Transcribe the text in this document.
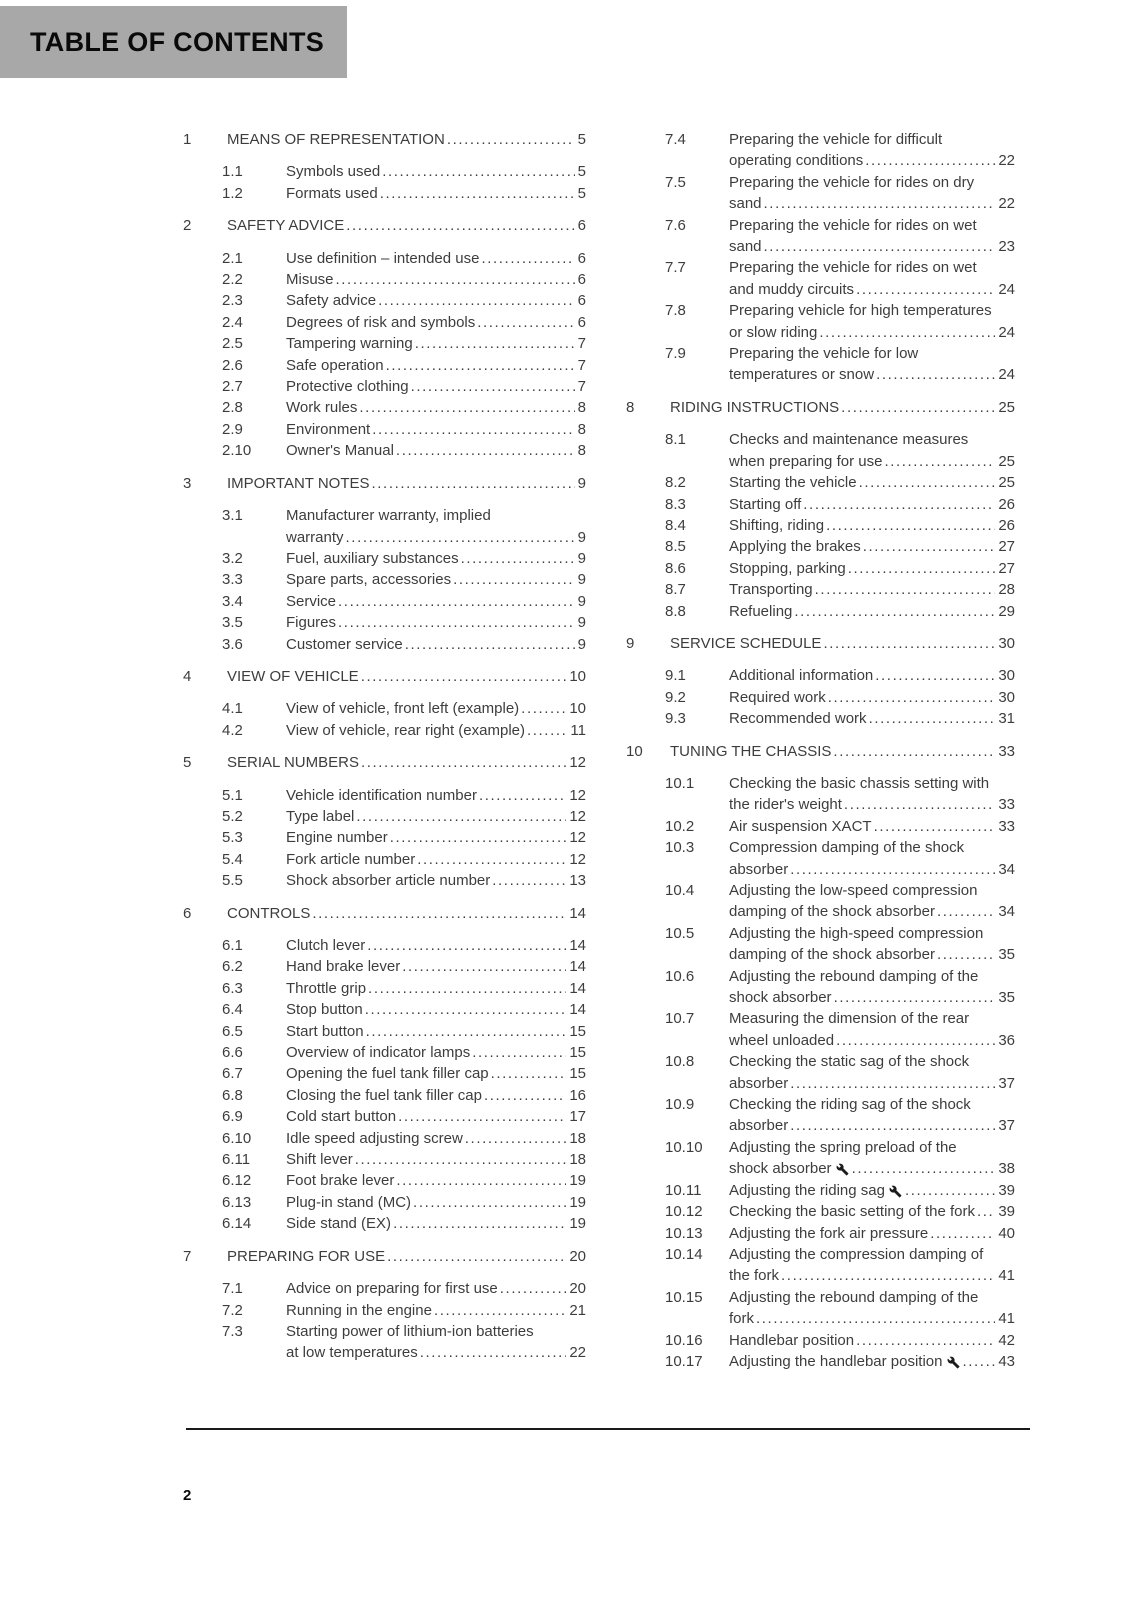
TABLE OF CONTENTS
1	MEANS OF REPRESENTATION .....	5
1.1	Symbols used .....	5
1.2	Formats used .....	5
2	SAFETY ADVICE .....	6
2.1	Use definition – intended use .....	6
2.2	Misuse .....	6
2.3	Safety advice .....	6
2.4	Degrees of risk and symbols .....	6
2.5	Tampering warning .....	7
2.6	Safe operation .....	7
2.7	Protective clothing .....	7
2.8	Work rules .....	8
2.9	Environment .....	8
2.10	Owner's Manual .....	8
3	IMPORTANT NOTES .....	9
3.1	Manufacturer warranty, implied
warranty .....	9
3.2	Fuel, auxiliary substances .....	9
3.3	Spare parts, accessories .....	9
3.4	Service .....	9
3.5	Figures .....	9
3.6	Customer service .....	9
4	VIEW OF VEHICLE .....	10
4.1	View of vehicle, front left (example) .....	10
4.2	View of vehicle, rear right (example) .....	11
5	SERIAL NUMBERS .....	12
5.1	Vehicle identification number .....	12
5.2	Type label .....	12
5.3	Engine number .....	12
5.4	Fork article number .....	12
5.5	Shock absorber article number .....	13
6	CONTROLS .....	14
6.1	Clutch lever .....	14
6.2	Hand brake lever .....	14
6.3	Throttle grip .....	14
6.4	Stop button .....	14
6.5	Start button .....	15
6.6	Overview of indicator lamps .....	15
6.7	Opening the fuel tank filler cap .....	15
6.8	Closing the fuel tank filler cap .....	16
6.9	Cold start button .....	17
6.10	Idle speed adjusting screw .....	18
6.11	Shift lever .....	18
6.12	Foot brake lever .....	19
6.13	Plug-in stand (MC) .....	19
6.14	Side stand (EX) .....	19
7	PREPARING FOR USE .....	20
7.1	Advice on preparing for first use .....	20
7.2	Running in the engine .....	21
7.3	Starting power of lithium-ion batteries
at low temperatures .....	22
7.4	Preparing the vehicle for difficult
operating conditions .....	22
7.5	Preparing the vehicle for rides on dry
sand .....	22
7.6	Preparing the vehicle for rides on wet
sand .....	23
7.7	Preparing the vehicle for rides on wet
and muddy circuits .....	24
7.8	Preparing vehicle for high temperatures
or slow riding .....	24
7.9	Preparing the vehicle for low
temperatures or snow .....	24
8	RIDING INSTRUCTIONS .....	25
8.1	Checks and maintenance measures
when preparing for use .....	25
8.2	Starting the vehicle .....	25
8.3	Starting off .....	26
8.4	Shifting, riding .....	26
8.5	Applying the brakes .....	27
8.6	Stopping, parking .....	27
8.7	Transporting .....	28
8.8	Refueling .....	29
9	SERVICE SCHEDULE .....	30
9.1	Additional information .....	30
9.2	Required work .....	30
9.3	Recommended work .....	31
10	TUNING THE CHASSIS .....	33
10.1	Checking the basic chassis setting with
the rider's weight .....	33
10.2	Air suspension XACT .....	33
10.3	Compression damping of the shock
absorber .....	34
10.4	Adjusting the low-speed compression
damping of the shock absorber .....	34
10.5	Adjusting the high-speed compression
damping of the shock absorber .....	35
10.6	Adjusting the rebound damping of the
shock absorber .....	35
10.7	Measuring the dimension of the rear
wheel unloaded .....	36
10.8	Checking the static sag of the shock
absorber .....	37
10.9	Checking the riding sag of the shock
absorber .....	37
10.10	Adjusting the spring preload of the
shock absorber .....	38
10.11	Adjusting the riding sag .....	39
10.12	Checking the basic setting of the fork ..... 39
10.13	Adjusting the fork air pressure .....	40
10.14	Adjusting the compression damping of
the fork .....	41
10.15	Adjusting the rebound damping of the
fork .....	41
10.16	Handlebar position .....	42
10.17	Adjusting the handlebar position .....	43
2
